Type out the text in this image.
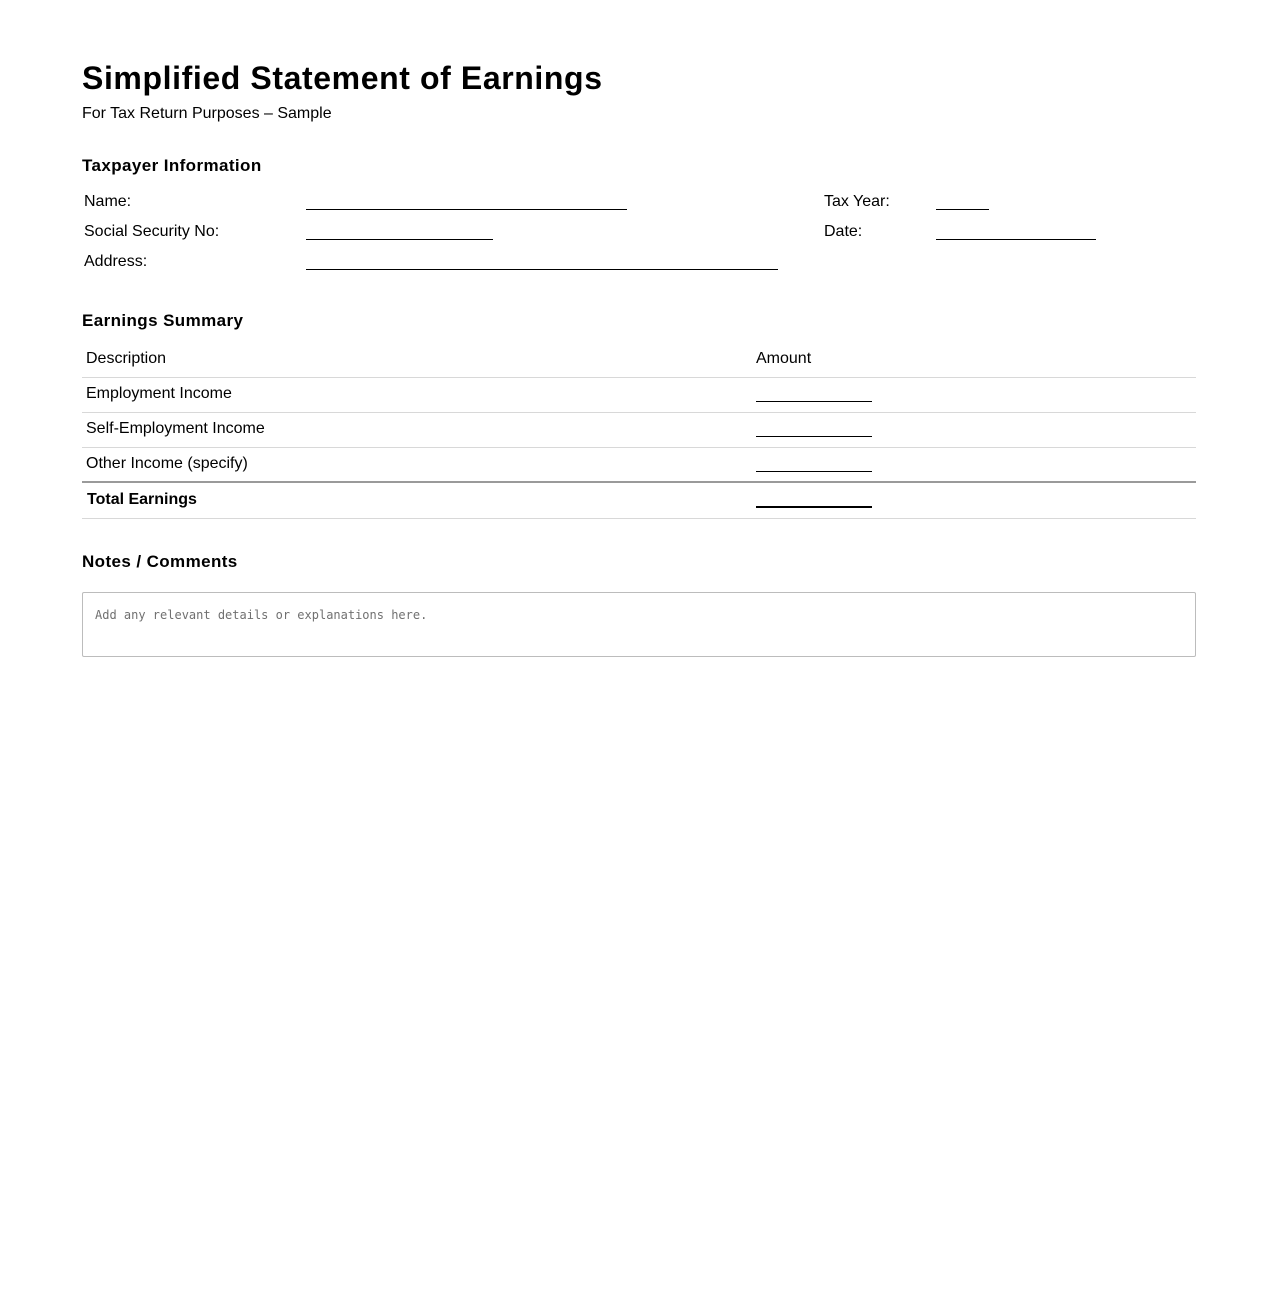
Simplified Statement of Earnings
For Tax Return Purposes – Sample
Taxpayer Information
Name:	Tax Year:
Social Security No:	Date:
Address:
Earnings Summary
Description	Amount
Employment Income
Self-Employment Income
Other Income (specify)
Total Earnings
Notes / Comments
Add any relevant details or explanations here.
